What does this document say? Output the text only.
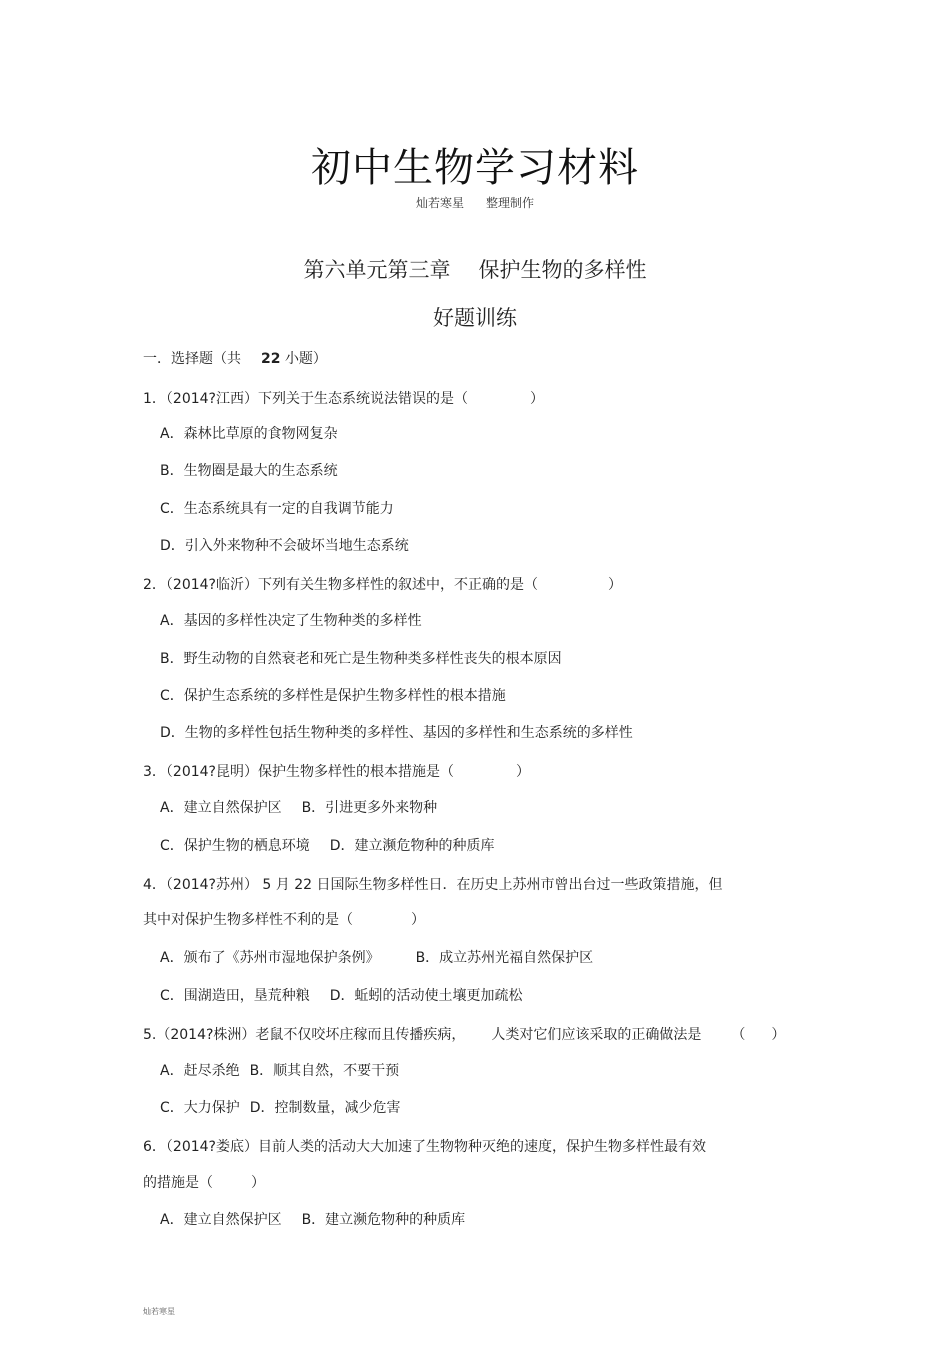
初中生物学习材料
灿若寒星 整理制作
第六单元第三章 保护生物的多样性
好题训练
一．选择题（共 22 小题）
1．（2014?江西）下列关于生态系统说法错误的是（	）
A．森林比草原的食物网复杂
B．生物圈是最大的生态系统
C．生态系统具有一定的自我调节能力
D．引入外来物种不会破坏当地生态系统
2．（2014?临沂）下列有关生物多样性的叙述中，不正确的是（	）
A．基因的多样性决定了生物种类的多样性
B．野生动物的自然衰老和死亡是生物种类多样性丧失的根本原因
C．保护生态系统的多样性是保护生物多样性的根本措施
D．生物的多样性包括生物种类的多样性、基因的多样性和生态系统的多样性
3．（2014?昆明）保护生物多样性的根本措施是（	）
A．建立自然保护区 B．引进更多外来物种
C．保护生物的栖息环境 D．建立濒危物种的种质库
4．（2014?苏州） 5 月 22 日国际生物多样性日．在历史上苏州市曾出台过一些政策措施，但
其中对保护生物多样性不利的是（	）
A．颁布了《苏州市湿地保护条例》	B．成立苏州光福自然保护区
C．围湖造田，垦荒种粮 D．蚯蚓的活动使土壤更加疏松
5.（2014?株洲）老鼠不仅咬坏庄稼而且传播疾病， 人类对它们应该采取的正确做法是 （ ）
A．赶尽杀绝 B．顺其自然，不要干预
C．大力保护 D．控制数量，减少危害
6．（2014?娄底）目前人类的活动大大加速了生物物种灭绝的速度，保护生物多样性最有效
的措施是（	）
A．建立自然保护区 B．建立濒危物种的种质库
灿若寒星
